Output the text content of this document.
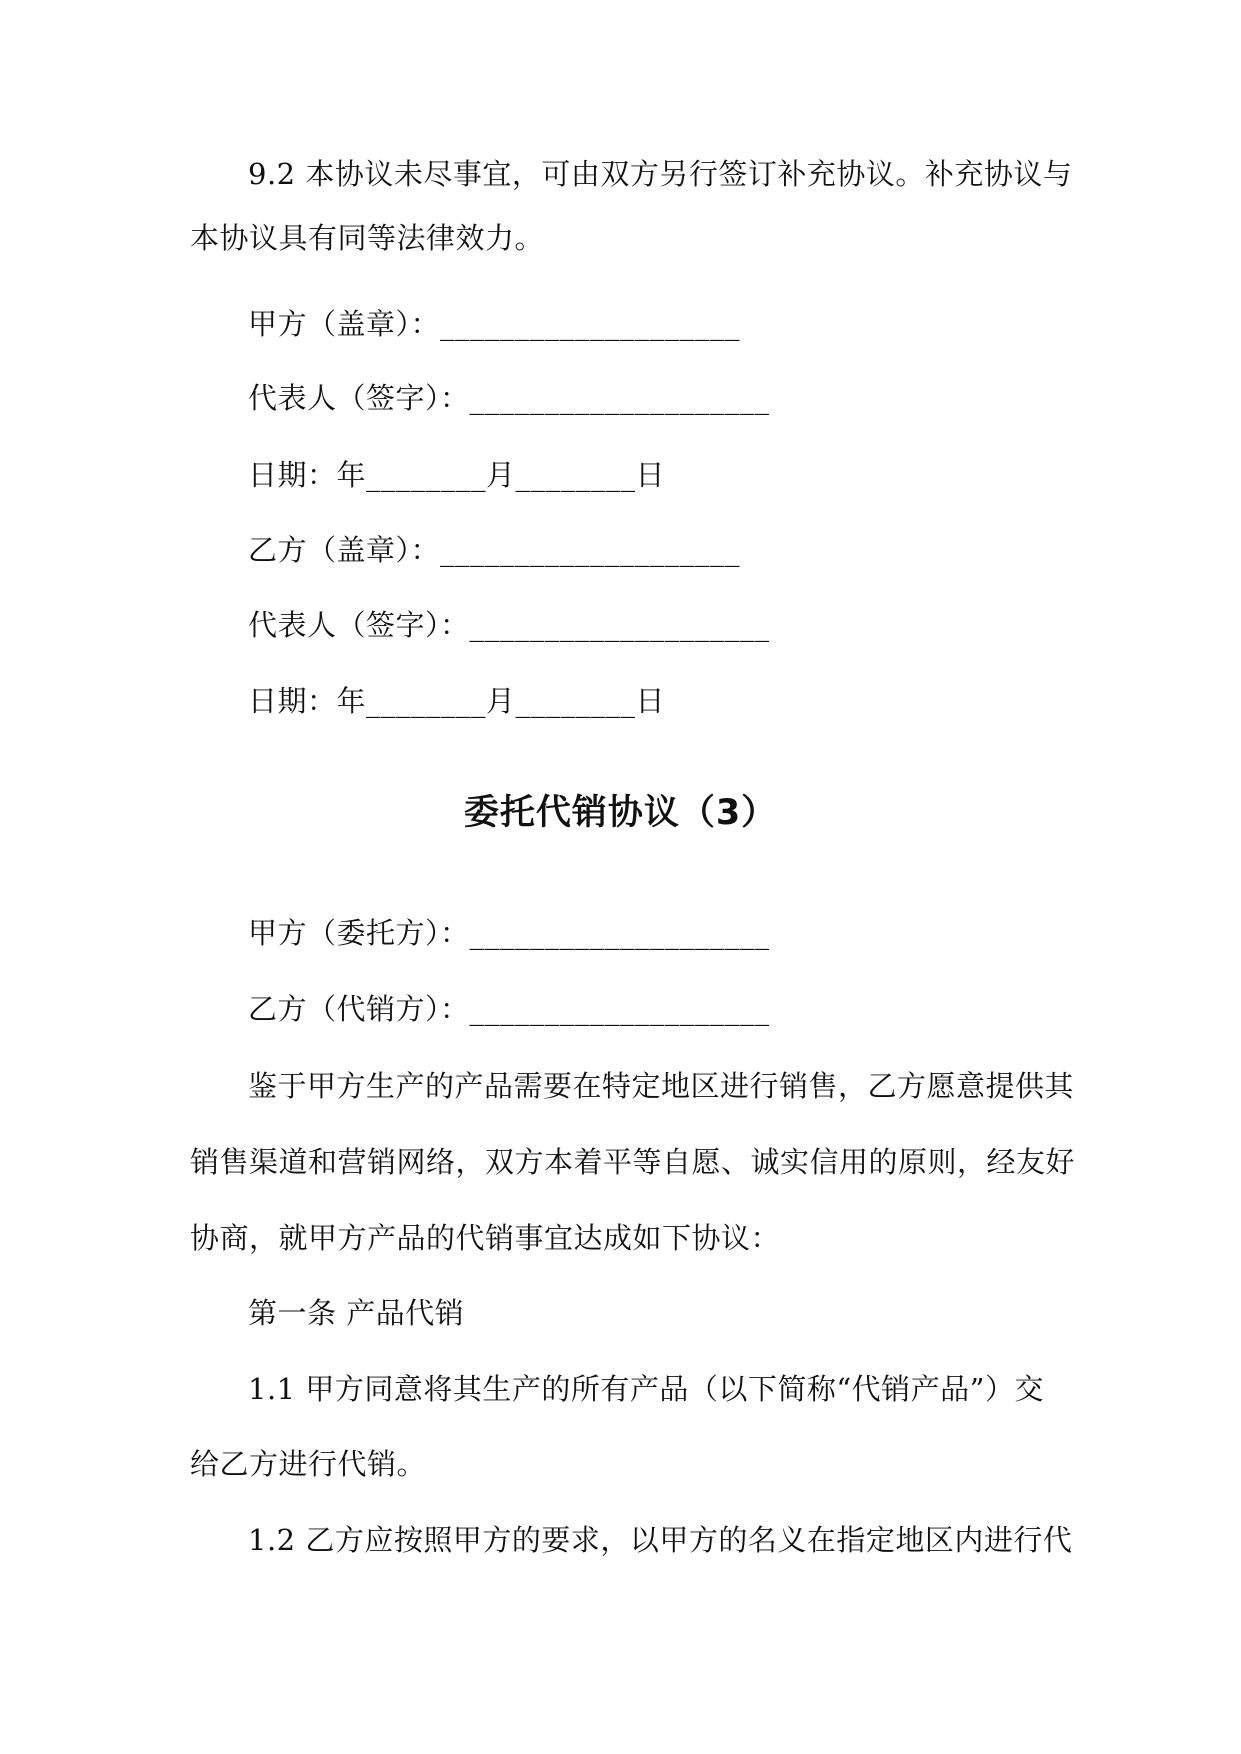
9.2 本协议未尽事宜，可由双方另行签订补充协议。补充协议与
本协议具有同等法律效力。
甲方（盖章）：____________________
代表人（签字）：____________________
日期：年________月________日
乙方（盖章）：____________________
代表人（签字）：____________________
日期：年________月________日
委托代销协议（3）
甲方（委托方）：____________________
乙方（代销方）：____________________
鉴于甲方生产的产品需要在特定地区进行销售，乙方愿意提供其
销售渠道和营销网络，双方本着平等自愿、诚实信用的原则，经友好
协商，就甲方产品的代销事宜达成如下协议：
第一条 产品代销
1.1 甲方同意将其生产的所有产品（以下简称“代销产品”）交
给乙方进行代销。
1.2 乙方应按照甲方的要求，以甲方的名义在指定地区内进行代
